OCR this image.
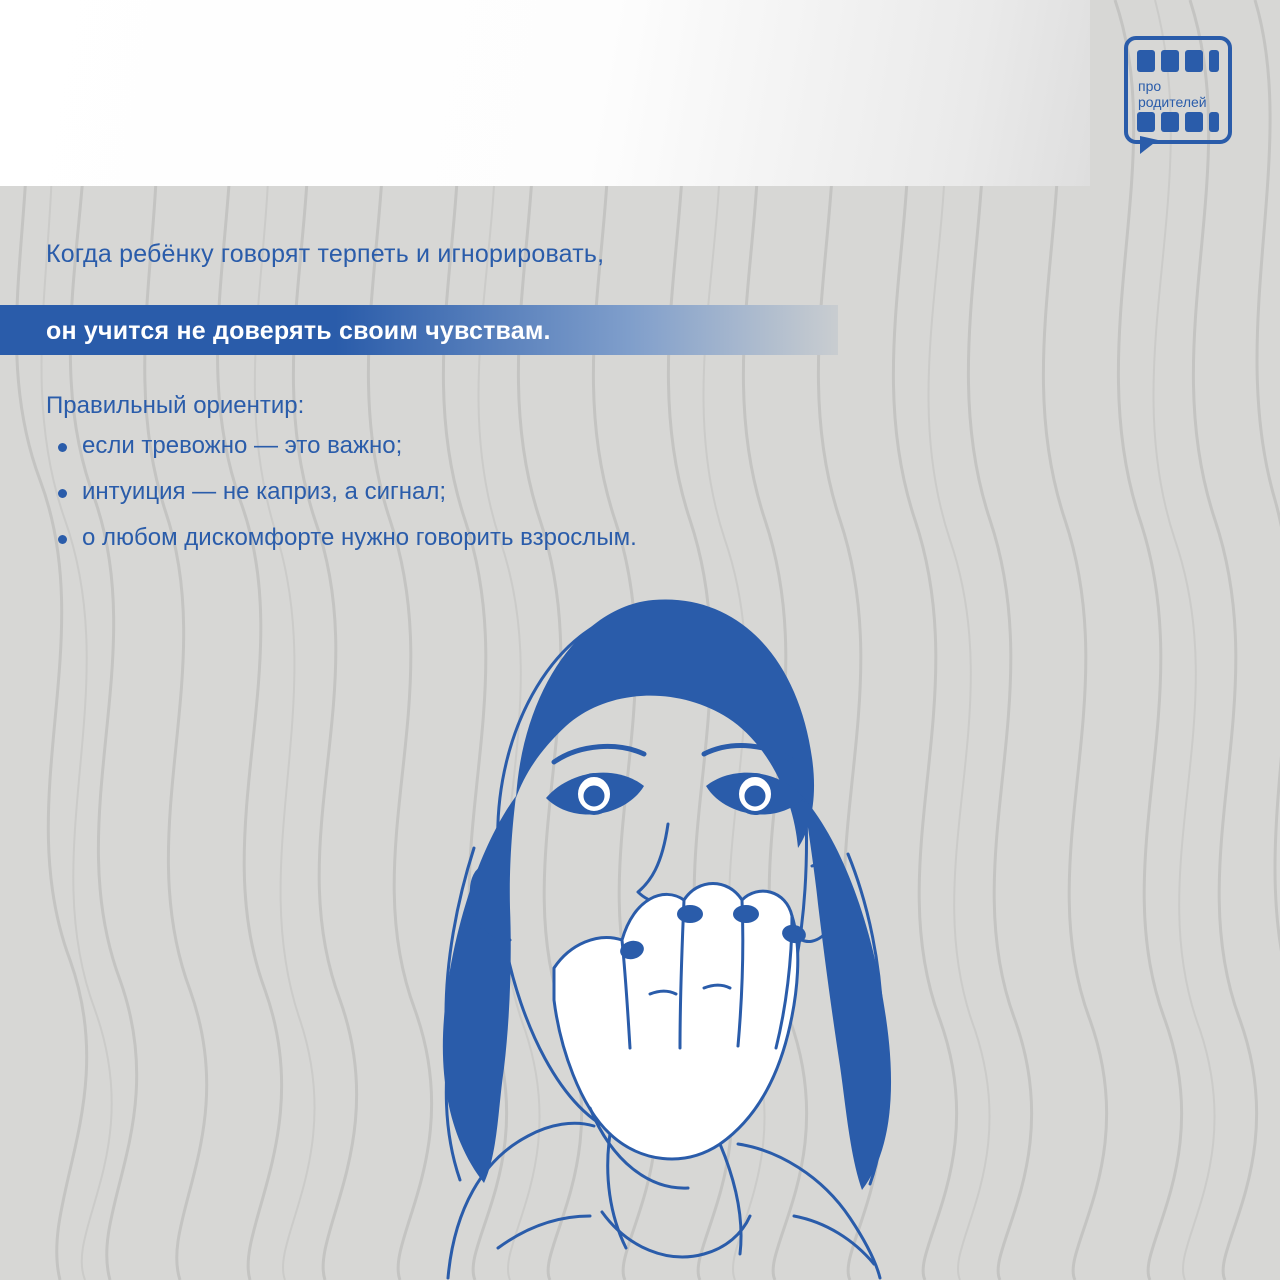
про
родителей
Когда ребёнку говорят терпеть и игнорировать,
он учится не доверять своим чувствам.
Правильный ориентир:
если тревожно — это важно;
интуиция — не каприз, а сигнал;
о любом дискомфорте нужно говорить взрослым.
